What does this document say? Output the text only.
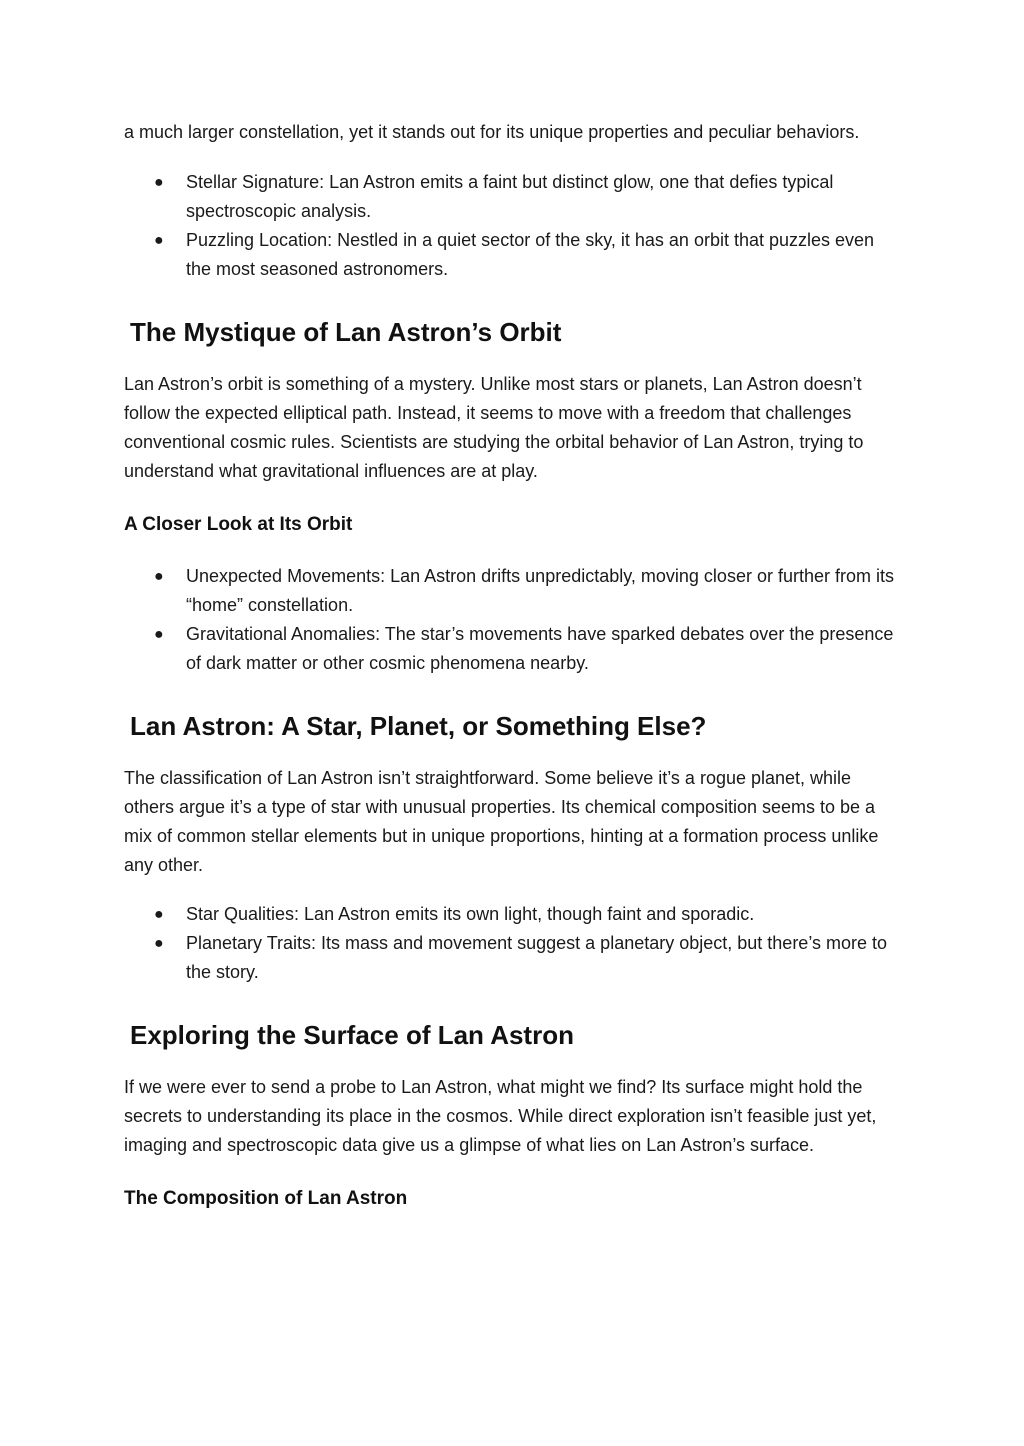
a much larger constellation, yet it stands out for its unique properties and peculiar behaviors.

● Stellar Signature: Lan Astron emits a faint but distinct glow, one that defies typical spectroscopic analysis.
● Puzzling Location: Nestled in a quiet sector of the sky, it has an orbit that puzzles even the most seasoned astronomers.
The Mystique of Lan Astron’s Orbit

Lan Astron’s orbit is something of a mystery. Unlike most stars or planets, Lan Astron doesn’t follow the expected elliptical path. Instead, it seems to move with a freedom that challenges conventional cosmic rules. Scientists are studying the orbital behavior of Lan Astron, trying to understand what gravitational influences are at play.

A Closer Look at Its Orbit
● Unexpected Movements: Lan Astron drifts unpredictably, moving closer or further from its “home” constellation.
● Gravitational Anomalies: The star’s movements have sparked debates over the presence of dark matter or other cosmic phenomena nearby.
Lan Astron: A Star, Planet, or Something Else?

The classification of Lan Astron isn’t straightforward. Some believe it’s a rogue planet, while others argue it’s a type of star with unusual properties. Its chemical composition seems to be a mix of common stellar elements but in unique proportions, hinting at a formation process unlike any other.

● Star Qualities: Lan Astron emits its own light, though faint and sporadic.
● Planetary Traits: Its mass and movement suggest a planetary object, but there’s more to the story.
Exploring the Surface of Lan Astron

If we were ever to send a probe to Lan Astron, what might we find? Its surface might hold the secrets to understanding its place in the cosmos. While direct exploration isn’t feasible just yet, imaging and spectroscopic data give us a glimpse of what lies on Lan Astron’s surface.

The Composition of Lan Astron
